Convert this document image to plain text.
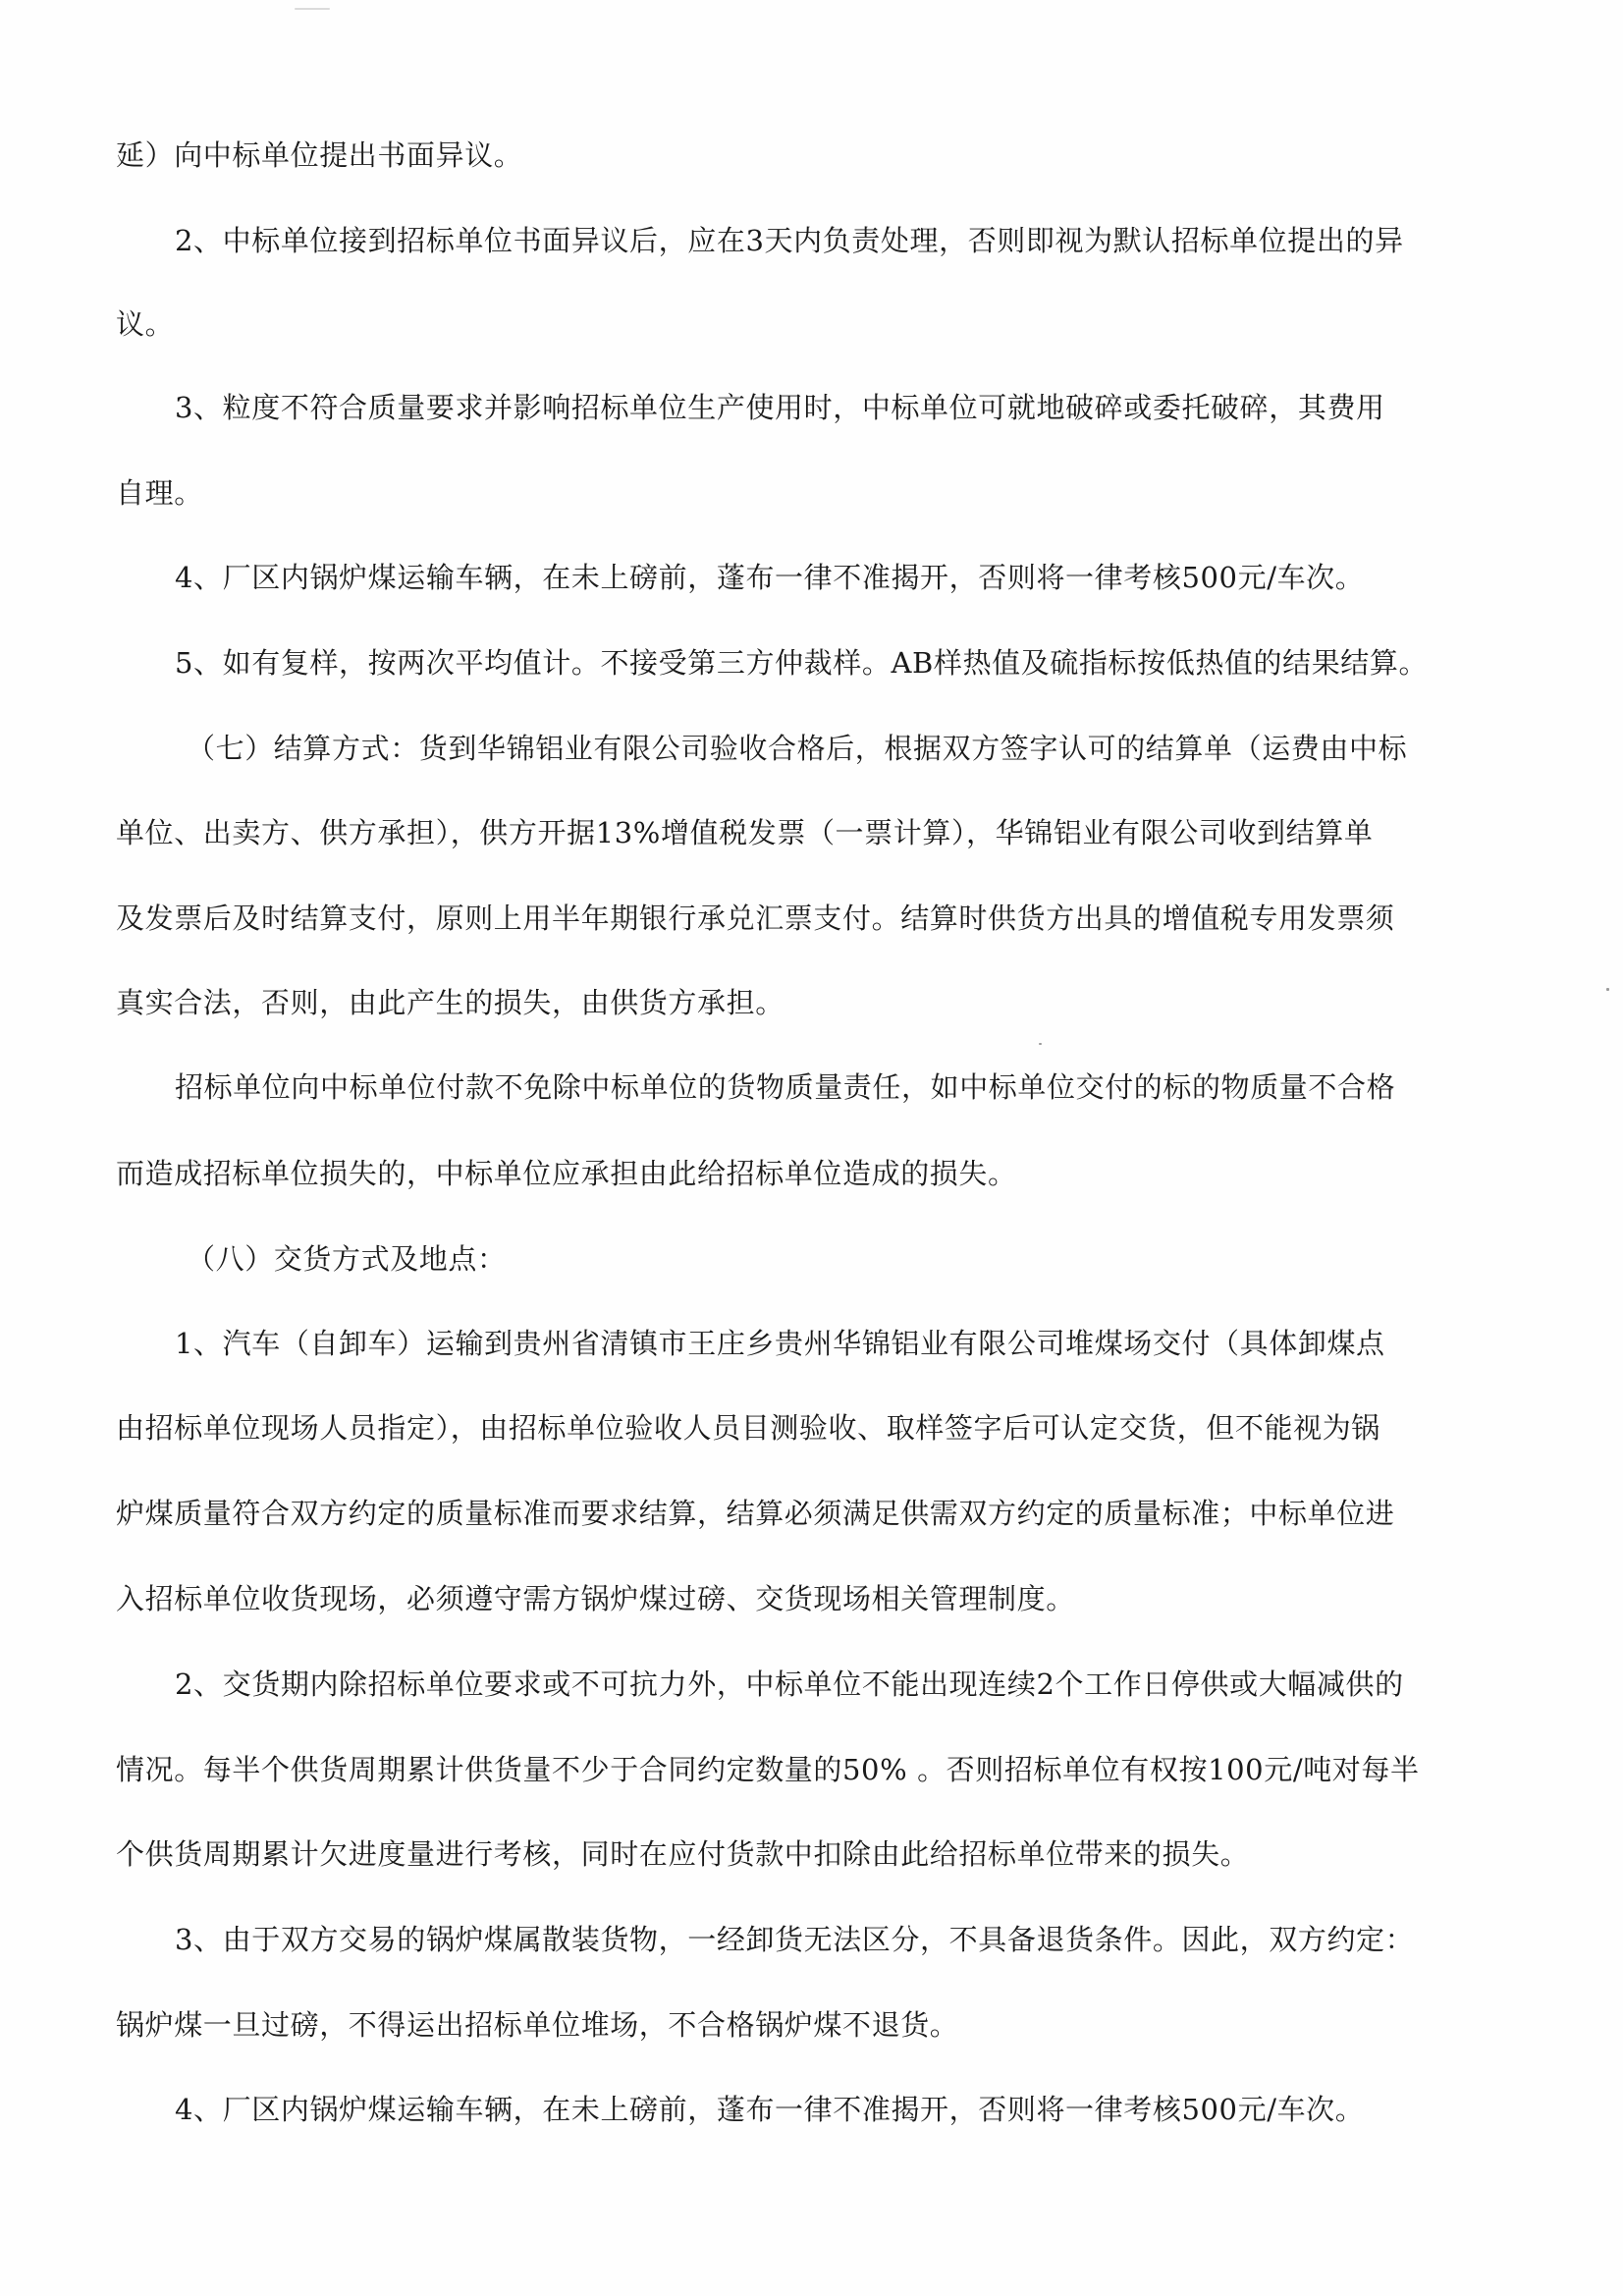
延）向中标单位提出书面异议。
2、中标单位接到招标单位书面异议后，应在3天内负责处理，否则即视为默认招标单位提出的异
议。
3、粒度不符合质量要求并影响招标单位生产使用时，中标单位可就地破碎或委托破碎，其费用
自理。
4、厂区内锅炉煤运输车辆，在未上磅前，蓬布一律不准揭开，否则将一律考核500元/车次。
5、如有复样，按两次平均值计。不接受第三方仲裁样。AB样热值及硫指标按低热值的结果结算。
（七）结算方式：货到华锦铝业有限公司验收合格后，根据双方签字认可的结算单（运费由中标
单位、出卖方、供方承担），供方开据13%增值税发票（一票计算），华锦铝业有限公司收到结算单
及发票后及时结算支付，原则上用半年期银行承兑汇票支付。结算时供货方出具的增值税专用发票须
真实合法，否则，由此产生的损失，由供货方承担。
招标单位向中标单位付款不免除中标单位的货物质量责任，如中标单位交付的标的物质量不合格
而造成招标单位损失的，中标单位应承担由此给招标单位造成的损失。
（八）交货方式及地点：
1、汽车（自卸车）运输到贵州省清镇市王庄乡贵州华锦铝业有限公司堆煤场交付（具体卸煤点
由招标单位现场人员指定），由招标单位验收人员目测验收、取样签字后可认定交货，但不能视为锅
炉煤质量符合双方约定的质量标准而要求结算，结算必须满足供需双方约定的质量标准；中标单位进
入招标单位收货现场，必须遵守需方锅炉煤过磅、交货现场相关管理制度。
2、交货期内除招标单位要求或不可抗力外，中标单位不能出现连续2个工作日停供或大幅减供的
情况。每半个供货周期累计供货量不少于合同约定数量的50% 。否则招标单位有权按100元/吨对每半
个供货周期累计欠进度量进行考核，同时在应付货款中扣除由此给招标单位带来的损失。
3、由于双方交易的锅炉煤属散装货物，一经卸货无法区分，不具备退货条件。因此，双方约定：
锅炉煤一旦过磅，不得运出招标单位堆场，不合格锅炉煤不退货。
4、厂区内锅炉煤运输车辆，在未上磅前，蓬布一律不准揭开，否则将一律考核500元/车次。
